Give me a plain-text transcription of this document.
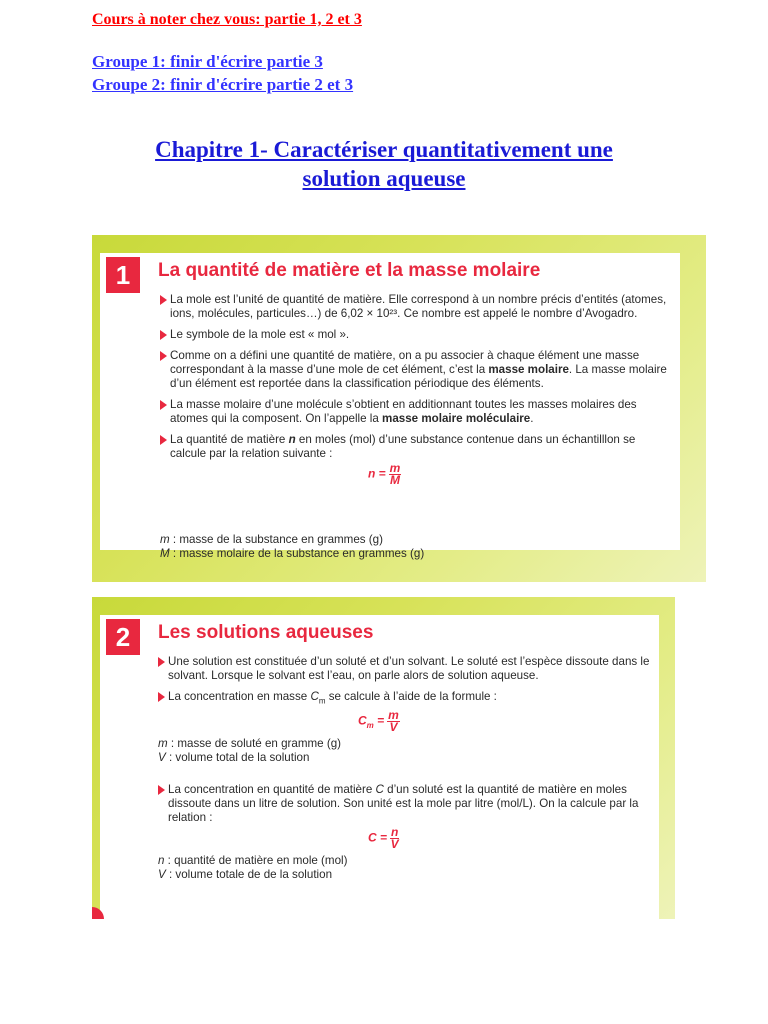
Cours à noter chez vous: partie 1, 2 et 3
Groupe 1: finir d'écrire partie 3
Groupe 2: finir d'écrire partie 2 et 3
Chapitre 1- Caractériser quantitativement une
solution aqueuse
1	La quantité de matière et la masse molaire

La mole est l’unité de quantité de matière. Elle correspond à un nombre précis d’entités (atomes, ions, molécules, particules…) de 6,02 × 10²³. Ce nombre est appelé le nombre d’Avogadro.

Le symbole de la mole est « mol ».

Comme on a défini une quantité de matière, on a pu associer à chaque élément une masse correspondant à la masse d’une mole de cet élément, c’est la masse molaire. La masse molaire d’un élément est reportée dans la classification périodique des éléments.

La masse molaire d’une molécule s’obtient en additionnant toutes les masses molaires des atomes qui la composent. On l’appelle la masse molaire moléculaire.

La quantité de matière n en moles (mol) d’une substance contenue dans un échantilllon se calcule par la relation suivante :

$n = \frac{m}{M}$

m : masse de la substance en grammes (g)

M : masse molaire de la substance en grammes (g)

2	Les solutions aqueuses

Une solution est constituée d’un soluté et d’un solvant. Le soluté est l’espèce dissoute dans le solvant. Lorsque le solvant est l’eau, on parle alors de solution aqueuse.

La concentration en masse $C_m$ se calcule à l’aide de la formule :

$C_m = \frac{m}{V}$

m : masse de soluté en gramme (g)

V : volume total de la solution

La concentration en quantité de matière C d’un soluté est la quantité de matière en moles dissoute dans un litre de solution. Son unité est la mole par litre (mol/L). On la calcule par la relation :

$C = \frac{n}{V}$

n : quantité de matière en mole (mol)

V : volume totale de de la solution
